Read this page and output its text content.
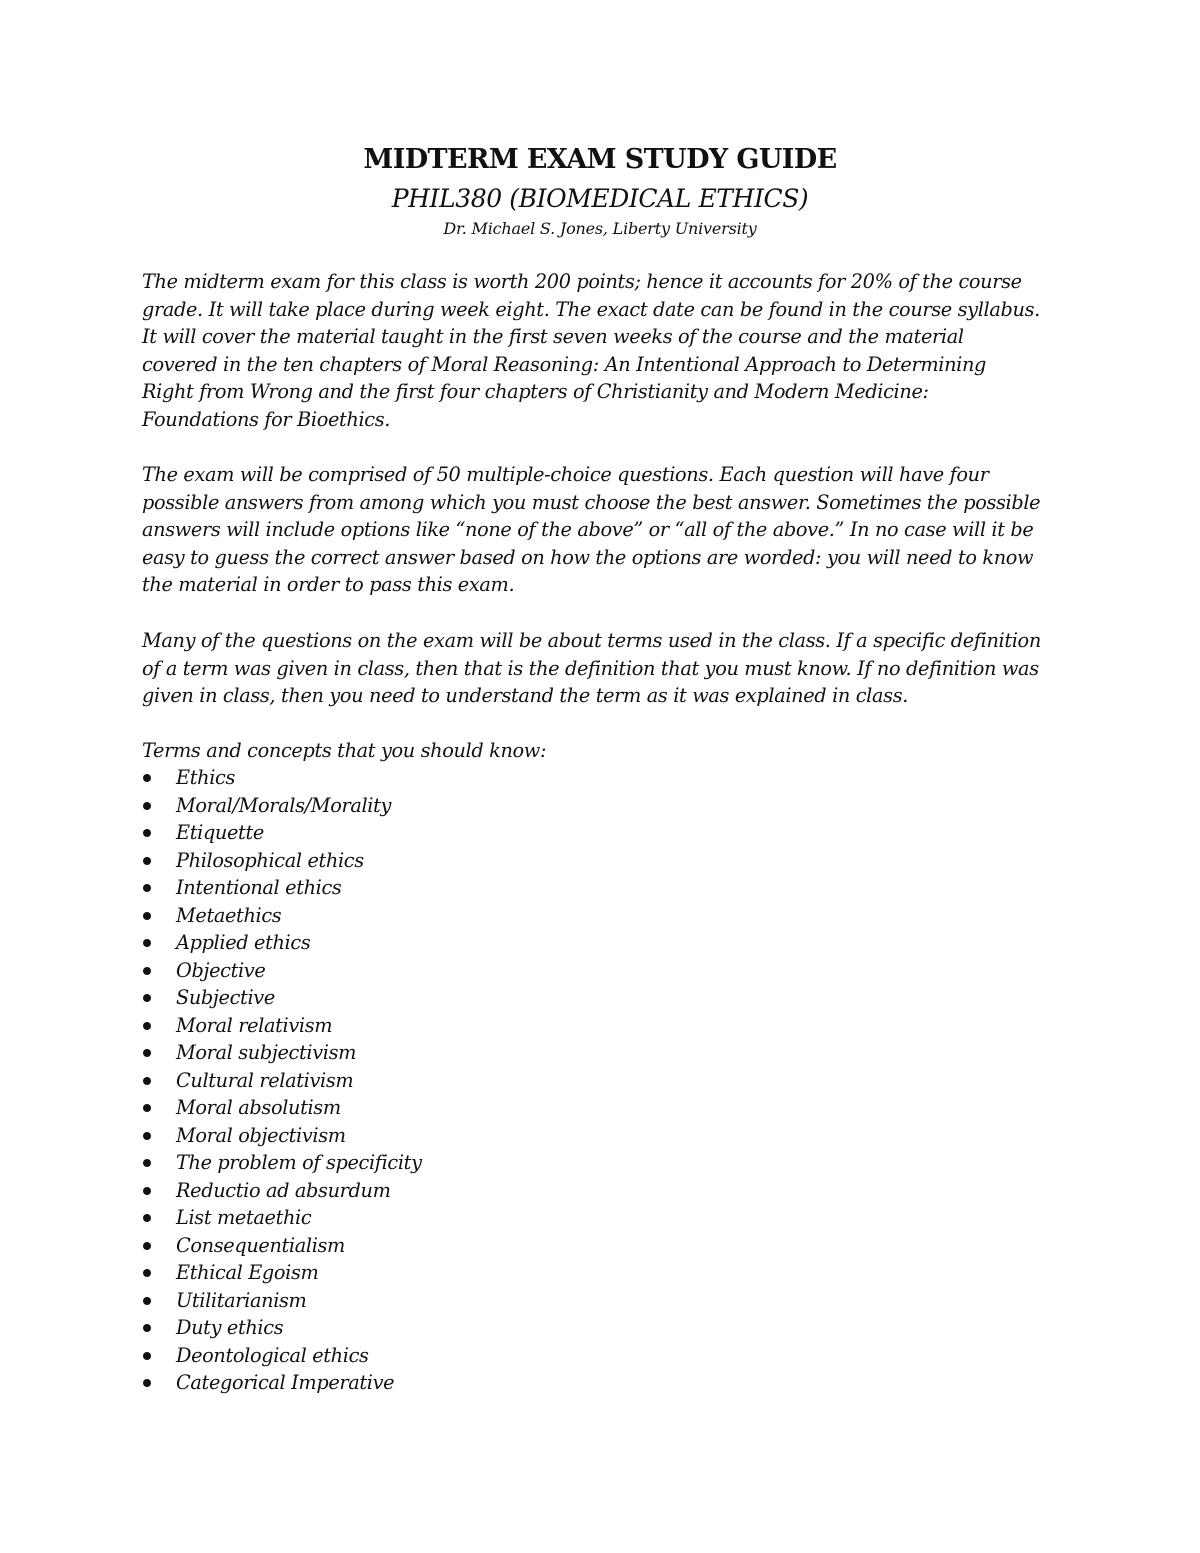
MIDTERM EXAM STUDY GUIDE
PHIL380 (BIOMEDICAL ETHICS)
Dr. Michael S. Jones, Liberty University
The midterm exam for this class is worth 200 points; hence it accounts for 20% of the course
grade. It will take place during week eight. The exact date can be found in the course syllabus.
It will cover the material taught in the first seven weeks of the course and the material
covered in the ten chapters of Moral Reasoning: An Intentional Approach to Determining
Right from Wrong and the first four chapters of Christianity and Modern Medicine:
Foundations for Bioethics.
The exam will be comprised of 50 multiple-choice questions. Each question will have four
possible answers from among which you must choose the best answer. Sometimes the possible
answers will include options like “none of the above” or “all of the above.” In no case will it be
easy to guess the correct answer based on how the options are worded: you will need to know
the material in order to pass this exam.
Many of the questions on the exam will be about terms used in the class. If a specific definition
of a term was given in class, then that is the definition that you must know. If no definition was
given in class, then you need to understand the term as it was explained in class.
Terms and concepts that you should know:
Ethics
Moral/Morals/Morality
Etiquette
Philosophical ethics
Intentional ethics
Metaethics
Applied ethics
Objective
Subjective
Moral relativism
Moral subjectivism
Cultural relativism
Moral absolutism
Moral objectivism
The problem of specificity
Reductio ad absurdum
List metaethic
Consequentialism
Ethical Egoism
Utilitarianism
Duty ethics
Deontological ethics
Categorical Imperative
